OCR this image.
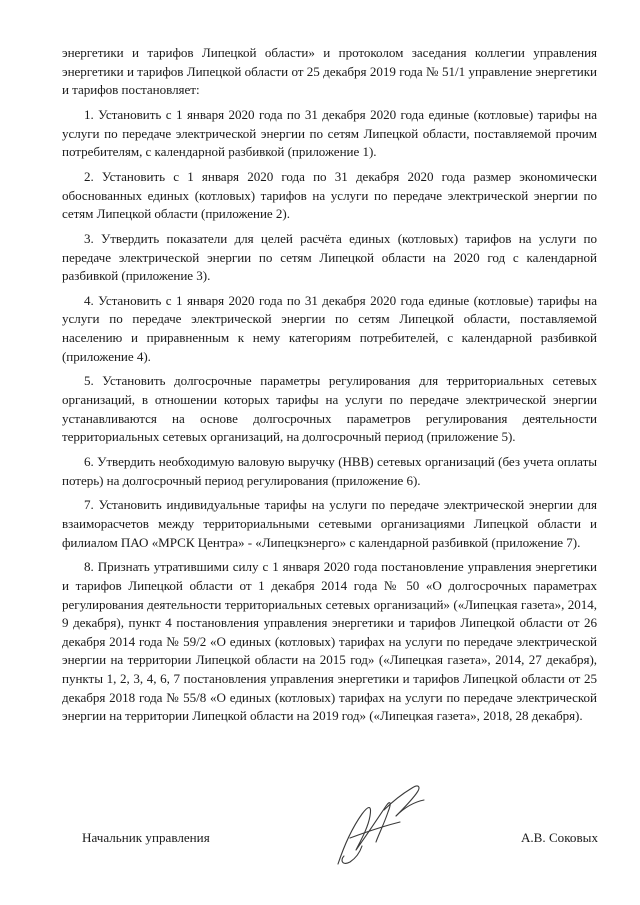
энергетики и тарифов Липецкой области» и протоколом заседания коллегии управления энергетики и тарифов Липецкой области от 25 декабря 2019 года № 51/1 управление энергетики и тарифов постановляет:

1. Установить с 1 января 2020 года по 31 декабря 2020 года единые (котловые) тарифы на услуги по передаче электрической энергии по сетям Липецкой области, поставляемой прочим потребителям, с календарной разбивкой (приложение 1).

2. Установить с 1 января 2020 года по 31 декабря 2020 года размер экономически обоснованных единых (котловых) тарифов на услуги по передаче электрической энергии по сетям Липецкой области (приложение 2).

3. Утвердить показатели для целей расчёта единых (котловых) тарифов на услуги по передаче электрической энергии по сетям Липецкой области на 2020 год с календарной разбивкой (приложение 3).

4. Установить с 1 января 2020 года по 31 декабря 2020 года единые (котловые) тарифы на услуги по передаче электрической энергии по сетям Липецкой области, поставляемой населению и приравненным к нему категориям потребителей, с календарной разбивкой (приложение 4).

5. Установить долгосрочные параметры регулирования для территориальных сетевых организаций, в отношении которых тарифы на услуги по передаче электрической энергии устанавливаются на основе долгосрочных параметров регулирования деятельности территориальных сетевых организаций, на долгосрочный период (приложение 5).

6. Утвердить необходимую валовую выручку (НВВ) сетевых организаций (без учета оплаты потерь) на долгосрочный период регулирования (приложение 6).

7. Установить индивидуальные тарифы на услуги по передаче электрической энергии для взаиморасчетов между территориальными сетевыми организациями Липецкой области и филиалом ПАО «МРСК Центра» - «Липецкэнерго» с календарной разбивкой (приложение 7).

8. Признать утратившими силу с 1 января 2020 года постановление управления энергетики и тарифов Липецкой области от 1 декабря 2014 года № 50 «О долгосрочных параметрах регулирования деятельности территориальных сетевых организаций» («Липецкая газета», 2014, 9 декабря), пункт 4 постановления управления энергетики и тарифов Липецкой области от 26 декабря 2014 года № 59/2 «О единых (котловых) тарифах на услуги по передаче электрической энергии на территории Липецкой области на 2015 год» («Липецкая газета», 2014, 27 декабря), пункты 1, 2, 3, 4, 6, 7 постановления управления энергетики и тарифов Липецкой области от 25 декабря 2018 года № 55/8 «О единых (котловых) тарифах на услуги по передаче электрической энергии на территории Липецкой области на 2019 год» («Липецкая газета», 2018, 28 декабря).

Начальник управления	А.В. Соковых
